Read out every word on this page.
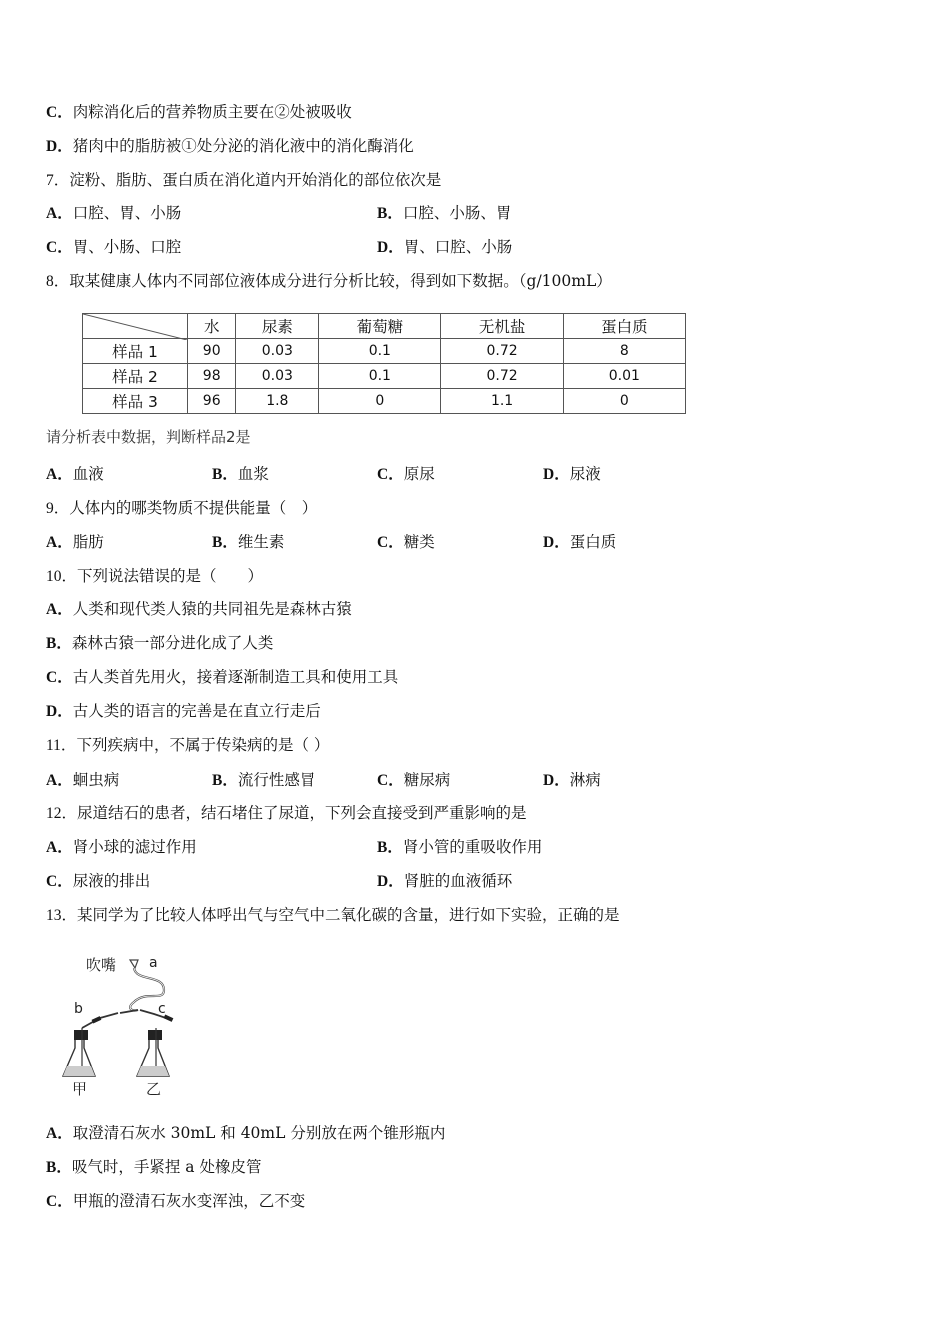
C．肉粽消化后的营养物质主要在②处被吸收
D．猪肉中的脂肪被①处分泌的消化液中的消化酶消化
7．淀粉、脂肪、蛋白质在消化道内开始消化的部位依次是
A．口腔、胃、小肠	B．口腔、小肠、胃
C．胃、小肠、口腔	D．胃、口腔、小肠
8．取某健康人体内不同部位液体成分进行分析比较，得到如下数据。（g/100mL）
	水	尿素	葡萄糖	无机盐	蛋白质
样品 1	90	0.03	0.1	0.72	8
样品 2	98	0.03	0.1	0.72	0.01
样品 3	96	1.8	0	1.1	0
请分析表中数据，判断样品2是
A．血液	B．血浆	C．原尿	D．尿液
9．人体内的哪类物质不提供能量（　）
A．脂肪	B．维生素	C．糖类	D．蛋白质
10．下列说法错误的是（　　）
A．人类和现代类人猿的共同祖先是森林古猿
B．森林古猿一部分进化成了人类
C．古人类首先用火，接着逐渐制造工具和使用工具
D．古人类的语言的完善是在直立行走后
11．下列疾病中，不属于传染病的是（ ）
A．蛔虫病	B．流行性感冒	C．糖尿病	D．淋病
12．尿道结石的患者，结石堵住了尿道，下列会直接受到严重影响的是
A．肾小球的滤过作用	B．肾小管的重吸收作用
C．尿液的排出	D．肾脏的血液循环
13．某同学为了比较人体呼出气与空气中二氧化碳的含量，进行如下实验，正确的是
吹嘴 a
b	c
甲	乙
A．取澄清石灰水 30mL 和 40mL 分别放在两个锥形瓶内
B．吸气时，手紧捏 a 处橡皮管
C．甲瓶的澄清石灰水变浑浊，乙不变
